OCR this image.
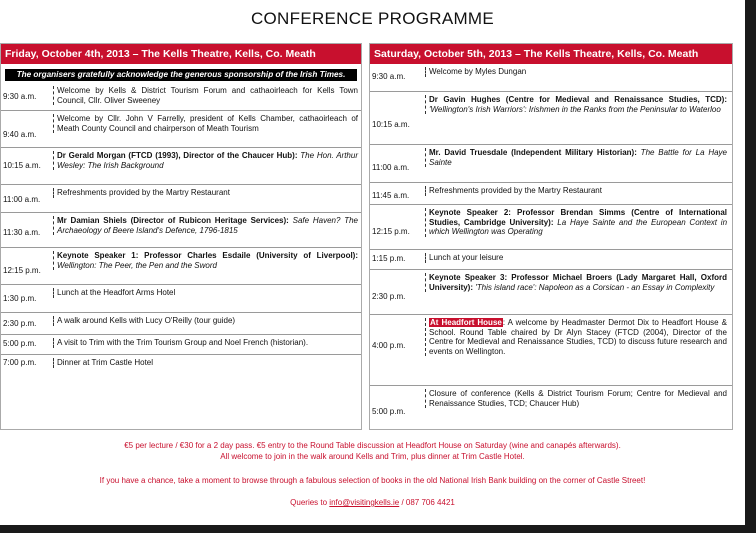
CONFERENCE PROGRAMME
Friday, October 4th, 2013 – The Kells Theatre, Kells, Co. Meath
The organisers gratefully acknowledge the generous sponsorship of the Irish Times.
9:30 a.m.
Welcome by Kells & District Tourism Forum and cathaoirleach for Kells Town Council, Cllr. Oliver Sweeney
9:40 a.m.
Welcome by Cllr. John V Farrelly, president of Kells Chamber, cathaoirleach of Meath County Council and chairperson of Meath Tourism
10:15 a.m.
Dr Gerald Morgan (FTCD (1993), Director of the Chaucer Hub): The Hon. Arthur Wesley: The Irish Background
11:00 a.m.
Refreshments provided by the Martry Restaurant
11:30 a.m.
Mr Damian Shiels (Director of Rubicon Heritage Services): Safe Haven? The Archaeology of Beere Island's Defence, 1796-1815
12:15 p.m.
Keynote Speaker 1: Professor Charles Esdaile (University of Liverpool): Wellington: The Peer, the Pen and the Sword
1:30 p.m.
Lunch at the Headfort Arms Hotel
2:30 p.m.	A walk around Kells with Lucy O'Reilly (tour guide)
5:00 p.m.	A visit to Trim with the Trim Tourism Group and Noel French (historian).
7:00 p.m.	Dinner at Trim Castle Hotel
Saturday, October 5th, 2013 – The Kells Theatre, Kells, Co. Meath
9:30 a.m.
Welcome by Myles Dungan
10:15 a.m.
Dr Gavin Hughes (Centre for Medieval and Renaissance Studies, TCD): 'Wellington's Irish Warriors': Irishmen in the Ranks from the Peninsular to Waterloo
11:00 a.m.
Mr. David Truesdale (Independent Military Historian): The Battle for La Haye Sainte
11:45 a.m.
Refreshments provided by the Martry Restaurant
12:15 p.m.
Keynote Speaker 2: Professor Brendan Simms (Centre of International Studies, Cambridge University): La Haye Sainte and the European Context in which Wellington was Operating
1:15 p.m.	Lunch at your leisure
2:30 p.m.
Keynote Speaker 3: Professor Michael Broers (Lady Margaret Hall, Oxford University): 'This island race': Napoleon as a Corsican - an Essay in Complexity
4:00 p.m.
At Headfort House: A welcome by Headmaster Dermot Dix to Headfort House & School. Round Table chaired by Dr Alyn Stacey (FTCD (2004), Director of the Centre for Medieval and Renaissance Studies, TCD) to discuss future research and events on Wellington.
5:00 p.m.
Closure of conference (Kells & District Tourism Forum; Centre for Medieval and Renaissance Studies, TCD; Chaucer Hub)
€5 per lecture / €30 for a 2 day pass. €5 entry to the Round Table discussion at Headfort House on Saturday (wine and canapés afterwards).
All welcome to join in the walk around Kells and Trim, plus dinner at Trim Castle Hotel.
If you have a chance, take a moment to browse through a fabulous selection of books in the old National Irish Bank building on the corner of Castle Street!
Queries to info@visitingkells.ie / 087 706 4421
